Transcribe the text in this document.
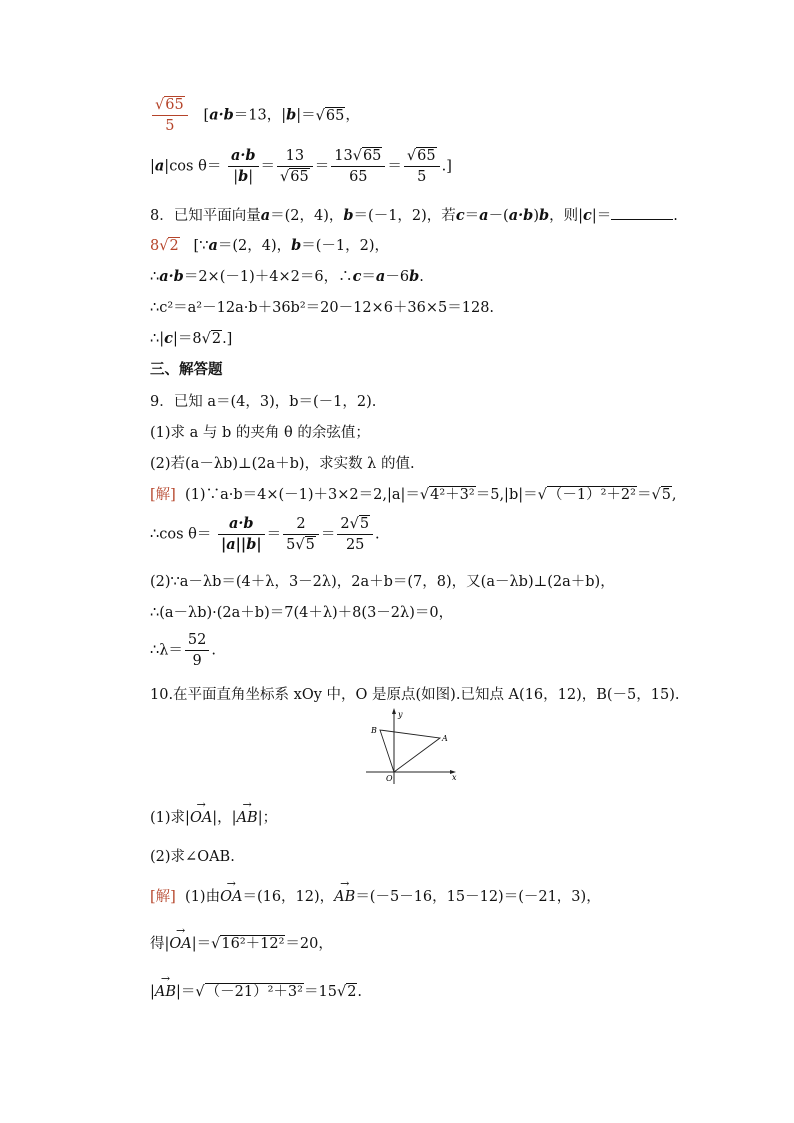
$\frac{√65}{5} [a\cdot b=13$，|b|＝√65，
|a|cos $\theta= \frac{a\cdot b}{|b|} = \frac{13}{√65} = \frac{13√65}{65} = \frac{√65}{5}$ .]
8．已知平面向量a＝(2，4)，b＝(－1，2)，若c＝a－(a·b)b，则|c|＝	.
8√2 [∵a＝(2，4)，b＝(－1，2)，
∴a·b＝2×(－1)＋4×2＝6，∴c＝a－6b.
∴c²＝a²－12a·b＋36b²＝20－12×6＋36×5＝128.
∴|c|＝8√2.]
三、解答题
9．已知 a＝(4，3)，b＝(－1，2).
(1)求 a 与 b 的夹角 θ 的余弦值；
(2)若(a－λb)⊥(2a＋b)，求实数 λ 的值.
[解] (1)∵a·b＝4×(－1)＋3×2＝2,|a|＝√4²＋3²＝5,|b|＝√（－1）²＋2²＝√5,
∴cos $\theta= \frac{a\cdot b}{|a||b|} = \frac{2}{5√5} = \frac{2√5}{25}$ .
(2)∵a－λb＝(4＋λ，3－2λ)，2a＋b＝(7，8)，又(a－λb)⊥(2a＋b)，
∴(a－λb)·(2a＋b)＝7(4＋λ)＋8(3－2λ)＝0，
∴λ＝ $\frac{52}{9}$ .
10.在平面直角坐标系 xOy 中，O 是原点(如图).已知点 A(16，12)，B(－5，15).
y
x
O
A
B
(1)求|→ OA|，|→ AB|；
(2)求∠OAB.
[解] (1)由→ OA＝(16，12)，→ AB＝(－5－16，15－12)＝(－21，3)，
得|→ OA|＝√16²＋12²＝20，
|→ AB|＝√（－21）²＋3²＝15√2.
